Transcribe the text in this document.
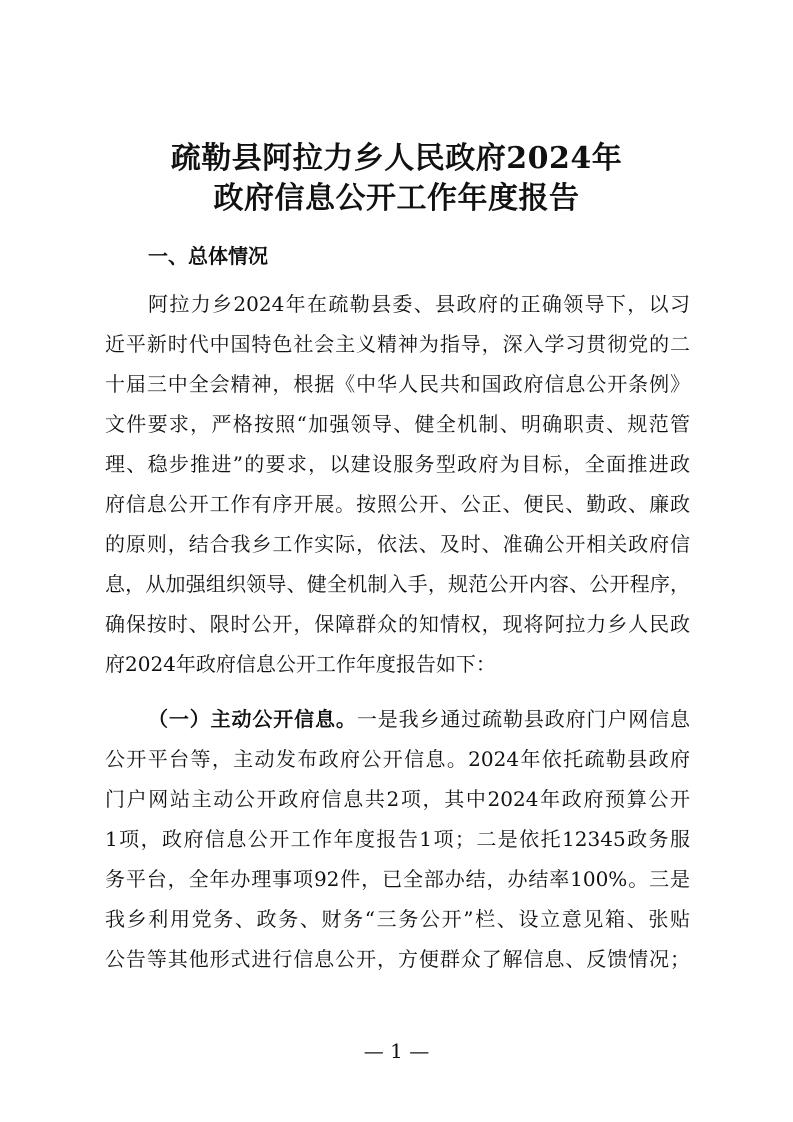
疏勒县阿拉力乡人民政府2024年
政府信息公开工作年度报告
一、总体情况
阿拉力乡2024年在疏勒县委、县政府的正确领导下，以习
近平新时代中国特色社会主义精神为指导，深入学习贯彻党的二
十届三中全会精神，根据《中华人民共和国政府信息公开条例》
文件要求，严格按照“加强领导、健全机制、明确职责、规范管
理、稳步推进”的要求，以建设服务型政府为目标，全面推进政
府信息公开工作有序开展。按照公开、公正、便民、勤政、廉政
的原则，结合我乡工作实际，依法、及时、准确公开相关政府信
息，从加强组织领导、健全机制入手，规范公开内容、公开程序，
确保按时、限时公开，保障群众的知情权，现将阿拉力乡人民政
府2024年政府信息公开工作年度报告如下：
（一）主动公开信息。一是我乡通过疏勒县政府门户网信息
公开平台等，主动发布政府公开信息。2024年依托疏勒县政府
门户网站主动公开政府信息共2项，其中2024年政府预算公开
1项，政府信息公开工作年度报告1项；二是依托12345政务服
务平台，全年办理事项92件，已全部办结，办结率100%。三是
我乡利用党务、政务、财务“三务公开”栏、设立意见箱、张贴
公告等其他形式进行信息公开，方便群众了解信息、反馈情况；
— 1 —
